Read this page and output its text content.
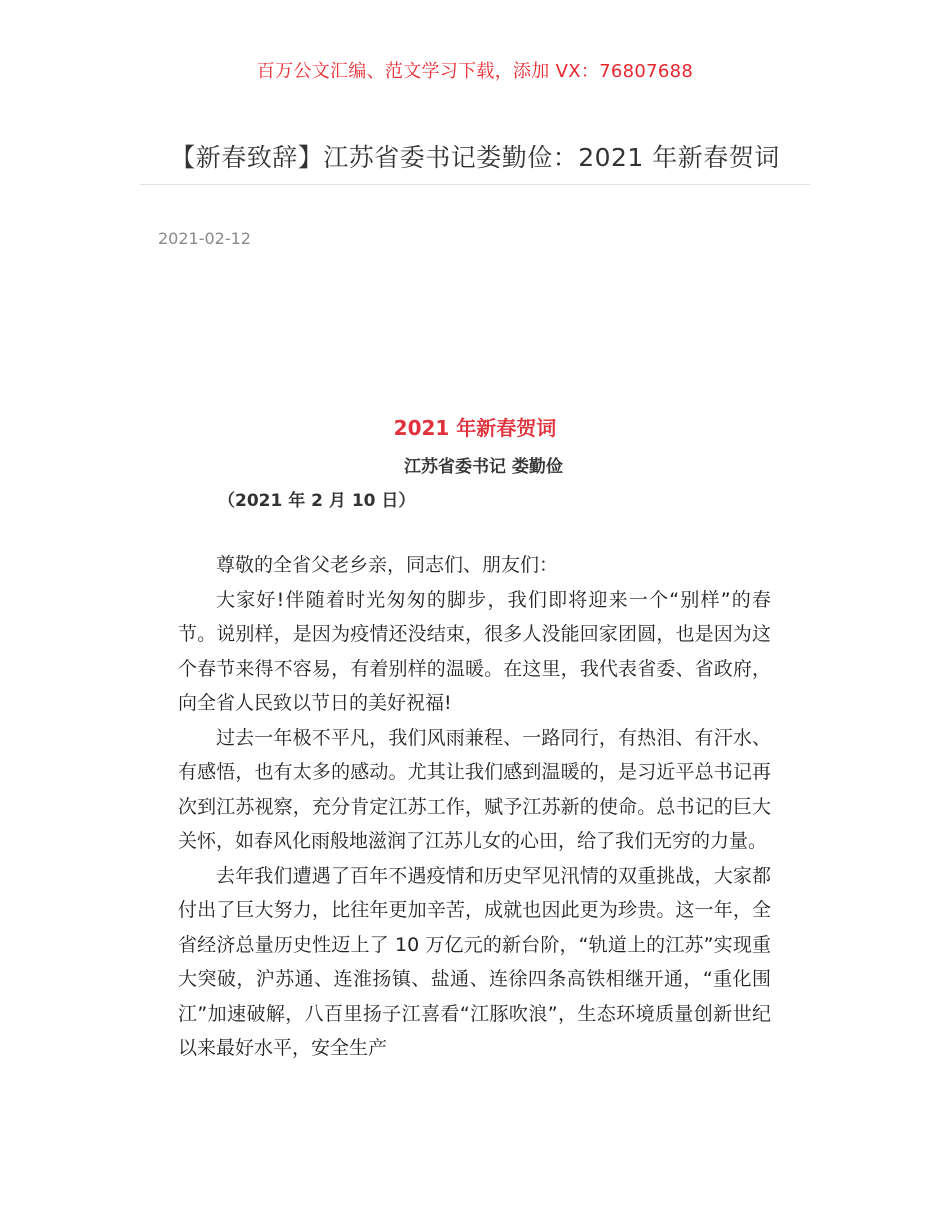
百万公文汇编、范文学习下载，添加 VX：76807688
【新春致辞】江苏省委书记娄勤俭：2021 年新春贺词
2021-02-12
2021 年新春贺词
江苏省委书记 娄勤俭
（2021 年 2 月 10 日）

尊敬的全省父老乡亲，同志们、朋友们：

大家好!伴随着时光匆匆的脚步，我们即将迎来一个“别样”的春节。说别样，是因为疫情还没结束，很多人没能回家团圆，也是因为这个春节来得不容易，有着别样的温暖。在这里，我代表省委、省政府，向全省人民致以节日的美好祝福!

过去一年极不平凡，我们风雨兼程、一路同行，有热泪、有汗水、有感悟，也有太多的感动。尤其让我们感到温暖的，是习近平总书记再次到江苏视察，充分肯定江苏工作，赋予江苏新的使命。总书记的巨大关怀，如春风化雨般地滋润了江苏儿女的心田，给了我们无穷的力量。

去年我们遭遇了百年不遇疫情和历史罕见汛情的双重挑战，大家都付出了巨大努力，比往年更加辛苦，成就也因此更为珍贵。这一年，全省经济总量历史性迈上了 10 万亿元的新台阶，“轨道上的江苏”实现重大突破，沪苏通、连淮扬镇、盐通、连徐四条高铁相继开通，“重化围江”加速破解，八百里扬子江喜看“江豚吹浪”，生态环境质量创新世纪以来最好水平，安全生产
